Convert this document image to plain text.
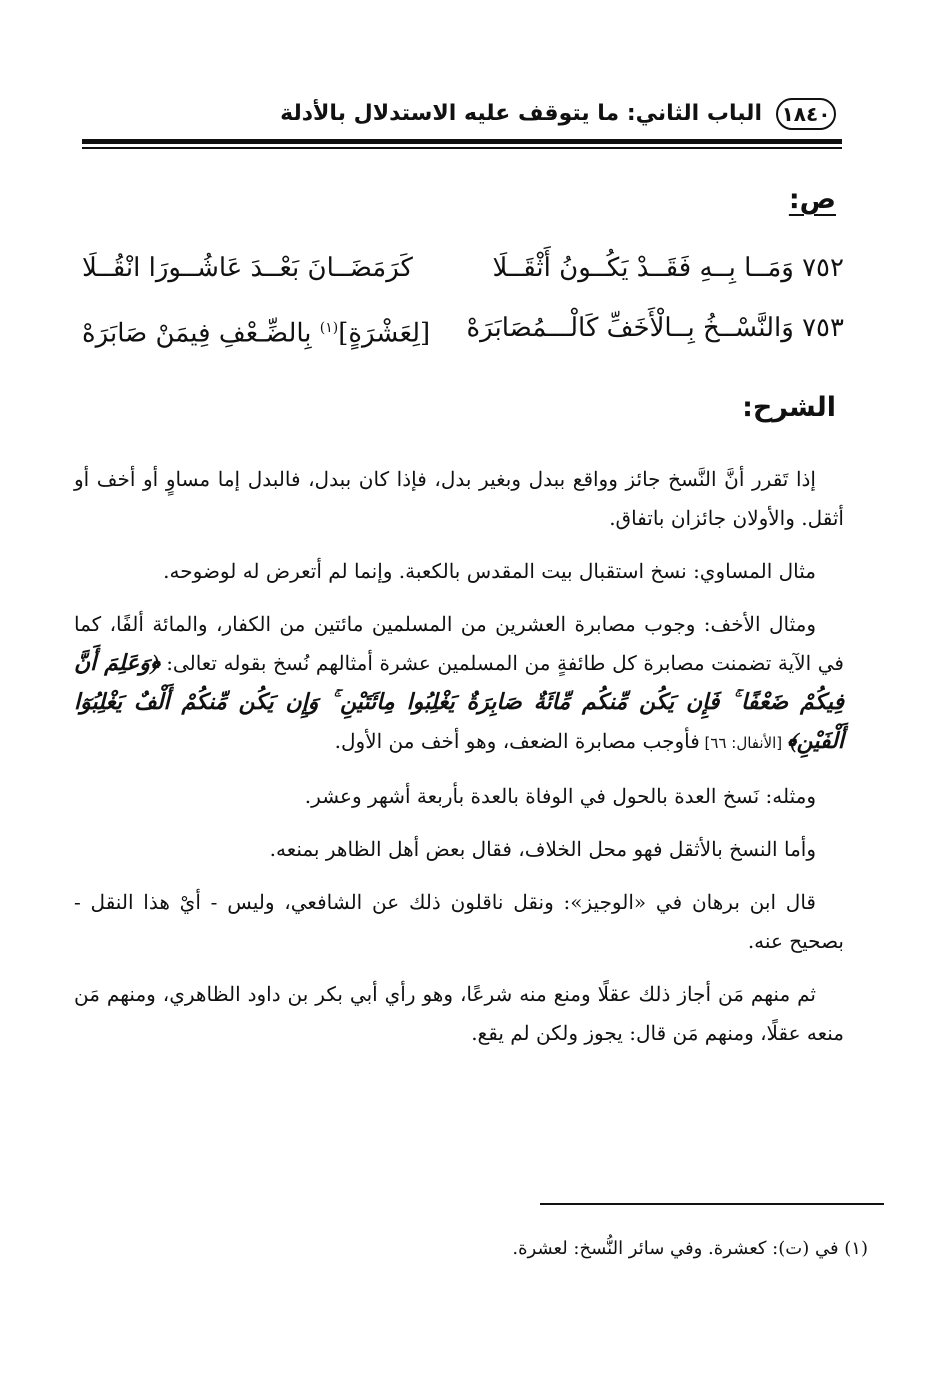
١٨٤٠
الباب الثاني: ما يتوقف عليه الاستدلال بالأدلة
ص:
٧٥٢ وَمَــا بِــهِ فَقَــدْ يَكُــونُ أَثْقَــلَا
كَرَمَضَــانَ بَعْــدَ عَاشُــورَا انْقُــلَا
٧٥٣ وَالنَّسْــخُ بِــالْأَخَفِّ كَالْـــمُصَابَرَهْ
[لِعَشْرَةٍ]$^{(١)}$ بِالضِّـعْفِ فِيمَنْ صَابَرَهْ
الشرح:

إذا تَقرر أنَّ النَّسخ جائز وواقع ببدل وبغير بدل، فإذا كان ببدل، فالبدل إما مساوٍ أو أخف أو أثقل. والأولان جائزان باتفاق.

مثال المساوي: نسخ استقبال بيت المقدس بالكعبة. وإنما لم أتعرض له لوضوحه.

ومثال الأخف: وجوب مصابرة العشرين من المسلمين مائتين من الكفار، والمائة ألفًا، كما في الآية تضمنت مصابرة كل طائفةٍ من المسلمين عشرة أمثالهم نُسخ بقوله تعالى: ﴿وَعَلِمَ أَنَّ فِيكُمْ ضَعْفًا ۚ فَإِن يَكُن مِّنكُم مِّائَةٌ صَابِرَةٌ يَغْلِبُوا مِائَتَيْنِ ۚ وَإِن يَكُن مِّنكُمْ أَلْفٌ يَغْلِبُوٓا أَلْفَيْنِ﴾ [الأنفال: ٦٦] فأوجب مصابرة الضعف، وهو أخف من الأول.

ومثله: نَسخ العدة بالحول في الوفاة بالعدة بأربعة أشهر وعشر.

وأما النسخ بالأثقل فهو محل الخلاف، فقال بعض أهل الظاهر بمنعه.

قال ابن برهان في «الوجيز»: ونقل ناقلون ذلك عن الشافعي، وليس - أيْ هذا النقل - بصحيح عنه.

ثم منهم مَن أجاز ذلك عقلًا ومنع منه شرعًا، وهو رأي أبي بكر بن داود الظاهري، ومنهم مَن منعه عقلًا، ومنهم مَن قال: يجوز ولكن لم يقع.

(١) في (ت): كعشرة. وفي سائر النُّسخ: لعشرة.
